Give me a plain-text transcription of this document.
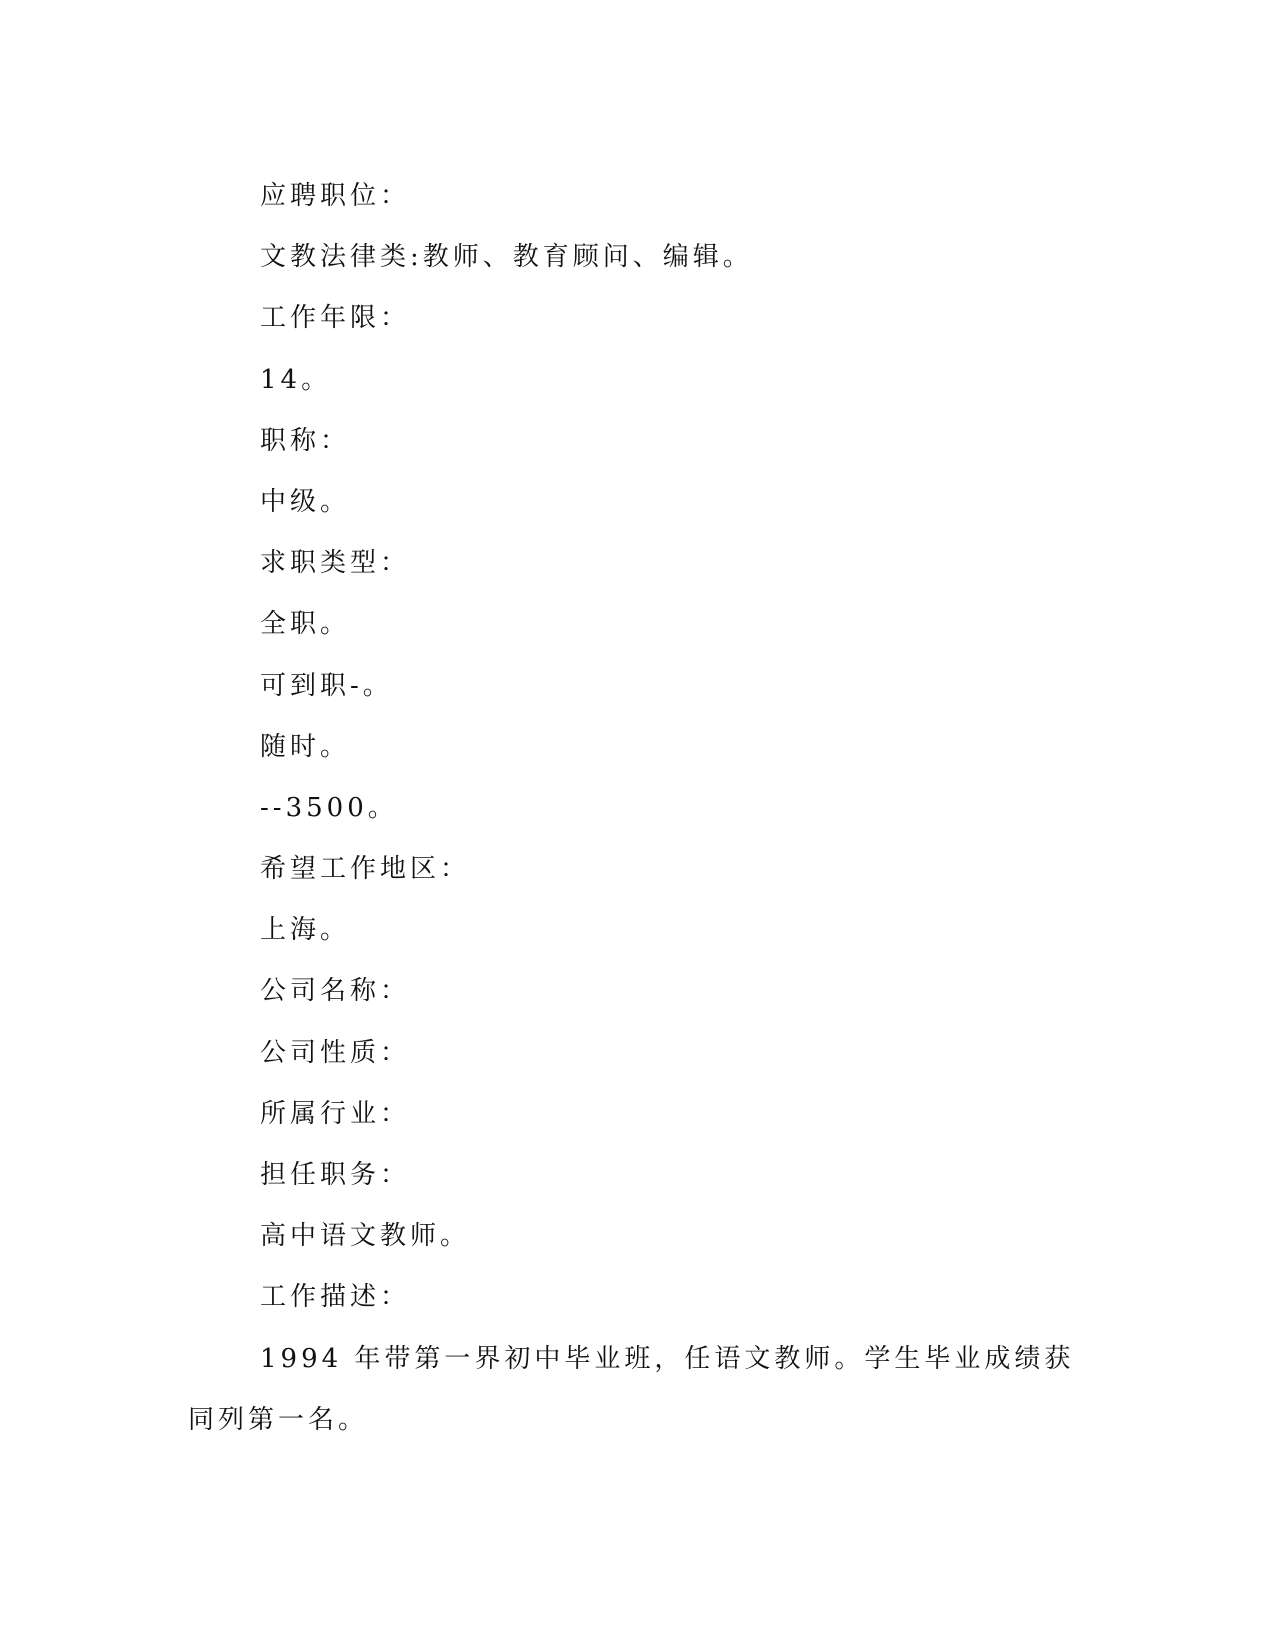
应聘职位：
文教法律类:教师、教育顾问、编辑。
工作年限：
14。
职称：
中级。
求职类型：
全职。
可到职-。
随时。
--3500。
希望工作地区：
上海。
公司名称：
公司性质：
所属行业：
担任职务：
高中语文教师。
工作描述：

1994 年带第一界初中毕业班，任语文教师。学生毕业成绩获同列第一名。
